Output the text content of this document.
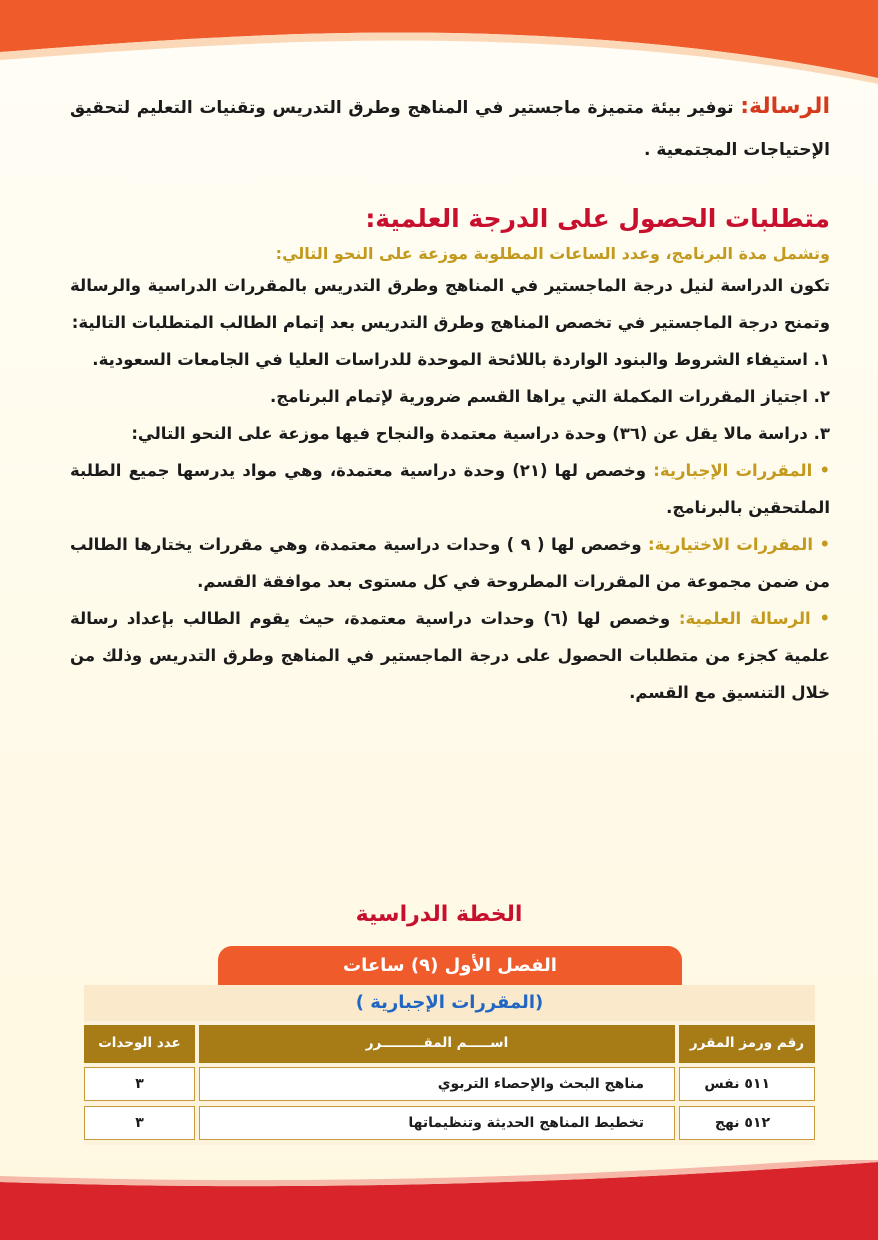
الرسالة: توفير بيئة متميزة ماجستير في المناهج وطرق التدريس وتقنيات التعليم لتحقيق الإحتياجات المجتمعية .

متطلبات الحصول على الدرجة العلمية:

وتشمل مدة البرنامج، وعدد الساعات المطلوبة موزعة على النحو التالي:

تكون الدراسة لنيل درجة الماجستير في المناهج وطرق التدريس بالمقررات الدراسية والرسالة وتمنح درجة الماجستير في تخصص المناهج وطرق التدريس بعد إتمام الطالب المتطلبات التالية:

١. استيفاء الشروط والبنود الواردة باللائحة الموحدة للدراسات العليا في الجامعات السعودية.

٢. اجتياز المقررات المكملة التي يراها القسم ضرورية لإتمام البرنامج.

٣. دراسة مالا يقل عن (٣٦) وحدة دراسية معتمدة والنجاح فيها موزعة على النحو التالي:

• المقررات الإجبارية: وخصص لها (٢١) وحدة دراسية معتمدة، وهي مواد يدرسها جميع الطلبة الملتحقين بالبرنامج.

• المقررات الاختيارية: وخصص لها ( ٩ ) وحدات دراسية معتمدة، وهي مقررات يختارها الطالب من ضمن مجموعة من المقررات المطروحة في كل مستوى بعد موافقة القسم.

• الرسالة العلمية: وخصص لها (٦) وحدات دراسية معتمدة، حيث يقوم الطالب بإعداد رسالة علمية كجزء من متطلبات الحصول على درجة الماجستير في المناهج وطرق التدريس وذلك من خلال التنسيق مع القسم.

الخطة الدراسية
الفصل الأول (٩) ساعات
(المقررات الإجبارية )
رقم ورمز المقرر
اســـــم المقـــــــــرر
عدد الوحدات
٥١١ نفس
مناهج البحث والإحصاء التربوي
٣
٥١٢ نهج
تخطيط المناهج الحديثة وتنظيماتها
٣
